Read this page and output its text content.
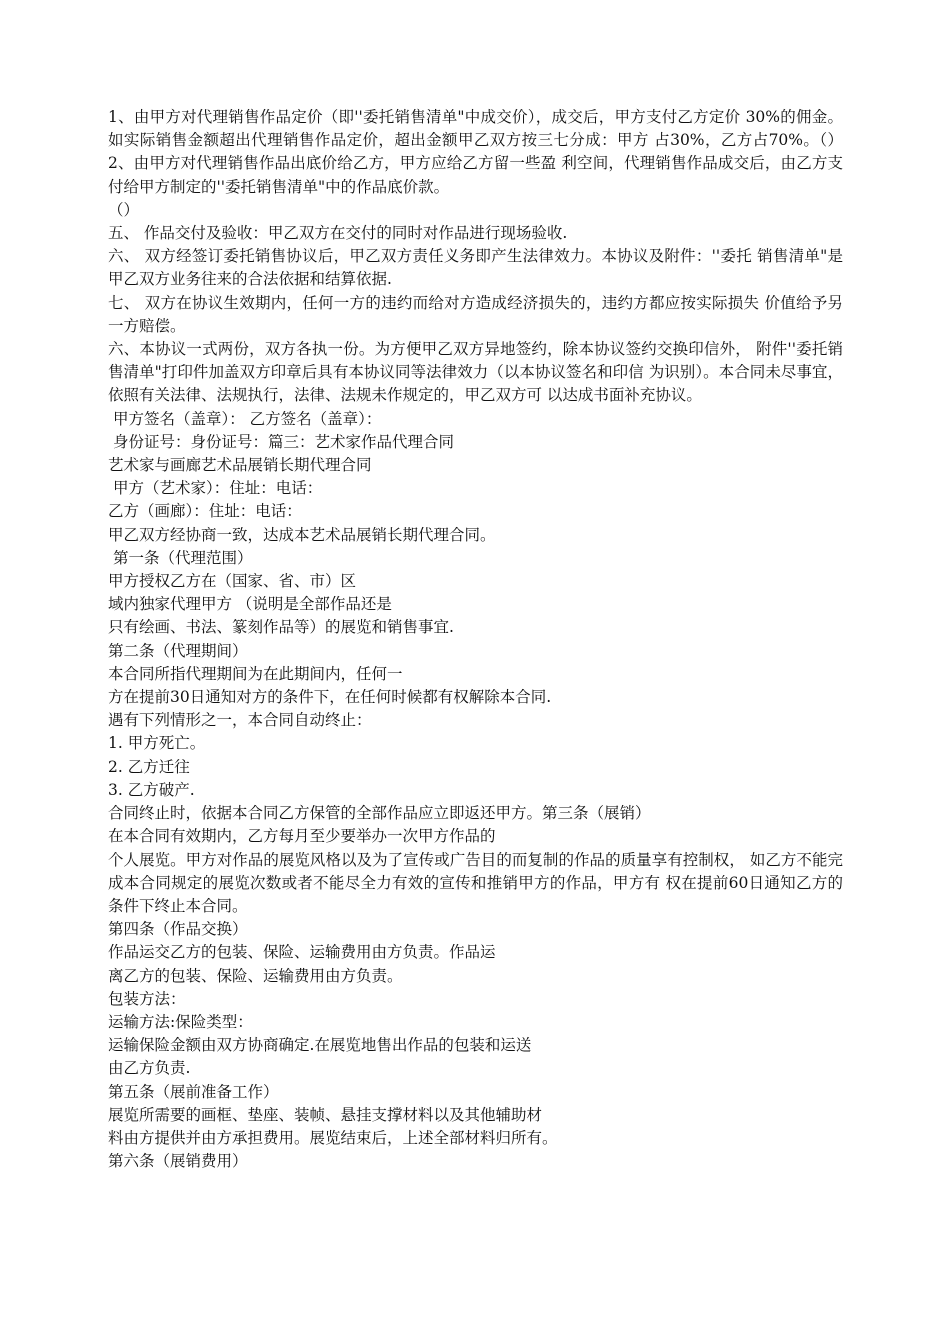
1、由甲方对代理销售作品定价（即''委托销售清单"中成交价），成交后，甲方支付乙方定价 30%的佣金。如实际销售金额超出代理销售作品定价，超出金额甲乙双方按三七分成：甲方 占30%，乙方占70%。（）2、由甲方对代理销售作品出底价给乙方，甲方应给乙方留一些盈 利空间，代理销售作品成交后，由乙方支付给甲方制定的''委托销售清单"中的作品底价款。

（）

五、 作品交付及验收：甲乙双方在交付的同时对作品进行现场验收.

六、 双方经签订委托销售协议后，甲乙双方责任义务即产生法律效力。本协议及附件：''委托 销售清单"是甲乙双方业务往来的合法依据和结算依据.

七、 双方在协议生效期内，任何一方的违约而给对方造成经济损失的，违约方都应按实际损失 价值给予另一方赔偿。

六、本协议一式两份，双方各执一份。为方便甲乙双方异地签约，除本协议签约交换印信外， 附件''委托销售清单"打印件加盖双方印章后具有本协议同等法律效力（以本协议签名和印信 为识别）。本合同未尽事宜，依照有关法律、法规执行，法律、法规未作规定的，甲乙双方可 以达成书面补充协议。

甲方签名（盖章）： 乙方签名（盖章）：

身份证号：身份证号：篇三：艺术家作品代理合同

艺术家与画廊艺术品展销长期代理合同

甲方（艺术家）：住址：电话：

乙方（画廊）：住址：电话：

甲乙双方经协商一致，达成本艺术品展销长期代理合同。

第一条（代理范围）

甲方授权乙方在（国家、省、市）区

域内独家代理甲方 （说明是全部作品还是

只有绘画、书法、篆刻作品等）的展览和销售事宜.

第二条（代理期间）

本合同所指代理期间为在此期间内，任何一

方在提前30日通知对方的条件下，在任何时候都有权解除本合同.

遇有下列情形之一，本合同自动终止：

1. 甲方死亡。

2. 乙方迁往

3. 乙方破产.

合同终止时，依据本合同乙方保管的全部作品应立即返还甲方。第三条（展销）

在本合同有效期内，乙方每月至少要举办一次甲方作品的

个人展览。甲方对作品的展览风格以及为了宣传或广告目的而复制的作品的质量享有控制权， 如乙方不能完成本合同规定的展览次数或者不能尽全力有效的宣传和推销甲方的作品，甲方有 权在提前60日通知乙方的条件下终止本合同。

第四条（作品交换）

作品运交乙方的包装、保险、运输费用由方负责。作品运

离乙方的包装、保险、运输费用由方负责。

包装方法：

运输方法:保险类型：

运输保险金额由双方协商确定.在展览地售出作品的包装和运送

由乙方负责.

第五条（展前准备工作）

展览所需要的画框、垫座、装帧、悬挂支撑材料以及其他辅助材

料由方提供并由方承担费用。展览结束后，上述全部材料归所有。

第六条（展销费用）
